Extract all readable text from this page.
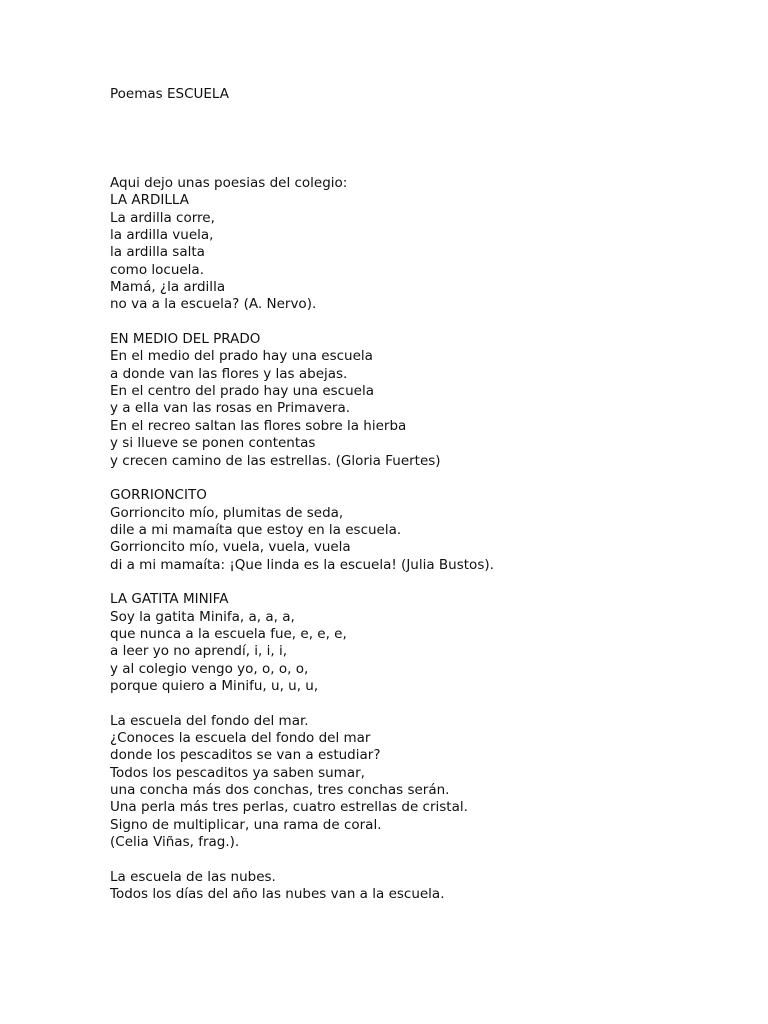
Poemas ESCUELA
Aqui dejo unas poesias del colegio:
LA ARDILLA
La ardilla corre,
la ardilla vuela,
la ardilla salta
como locuela.
Mamá, ¿la ardilla
no va a la escuela? (A. Nervo).
EN MEDIO DEL PRADO
En el medio del prado hay una escuela
a donde van las flores y las abejas.
En el centro del prado hay una escuela
y a ella van las rosas en Primavera.
En el recreo saltan las flores sobre la hierba
y si llueve se ponen contentas
y crecen camino de las estrellas. (Gloria Fuertes)
GORRIONCITO
Gorrioncito mío, plumitas de seda,
dile a mi mamaíta que estoy en la escuela.
Gorrioncito mío, vuela, vuela, vuela
di a mi mamaíta: ¡Que linda es la escuela! (Julia Bustos).
LA GATITA MINIFA
Soy la gatita Minifa, a, a, a,
que nunca a la escuela fue, e, e, e,
a leer yo no aprendí, i, i, i,
y al colegio vengo yo, o, o, o,
porque quiero a Minifu, u, u, u,
La escuela del fondo del mar.
¿Conoces la escuela del fondo del mar
donde los pescaditos se van a estudiar?
Todos los pescaditos ya saben sumar,
una concha más dos conchas, tres conchas serán.
Una perla más tres perlas, cuatro estrellas de cristal.
Signo de multiplicar, una rama de coral.
(Celia Viñas, frag.).
La escuela de las nubes.
Todos los días del año las nubes van a la escuela.
